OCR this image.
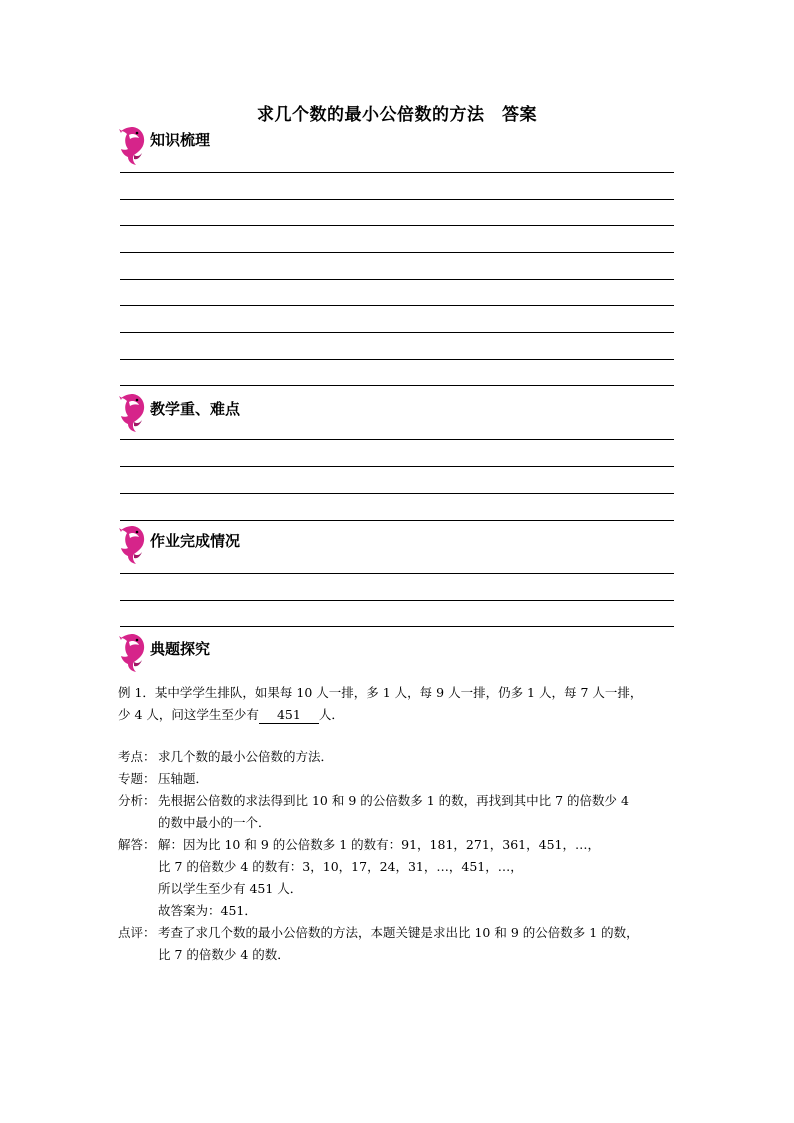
求几个数的最小公倍数的方法　答案
知识梳理
教学重、难点
作业完成情况
典题探究

例 1．某中学学生排队，如果每 10 人一排，多 1 人，每 9 人一排，仍多 1 人，每 7 人一排，

少 4 人，问这学生至少有 451 人．

考点： 求几个数的最小公倍数的方法．
专题： 压轴题．
分析： 先根据公倍数的求法得到比 10 和 9 的公倍数多 1 的数，再找到其中比 7 的倍数少 4
的数中最小的一个．
解答： 解：因为比 10 和 9 的公倍数多 1 的数有：91，181，271，361，451，…，
比 7 的倍数少 4 的数有：3，10，17，24，31，…，451，…，
所以学生至少有 451 人．
故答案为：451．
点评： 考查了求几个数的最小公倍数的方法，本题关键是求出比 10 和 9 的公倍数多 1 的数，
比 7 的倍数少 4 的数．
